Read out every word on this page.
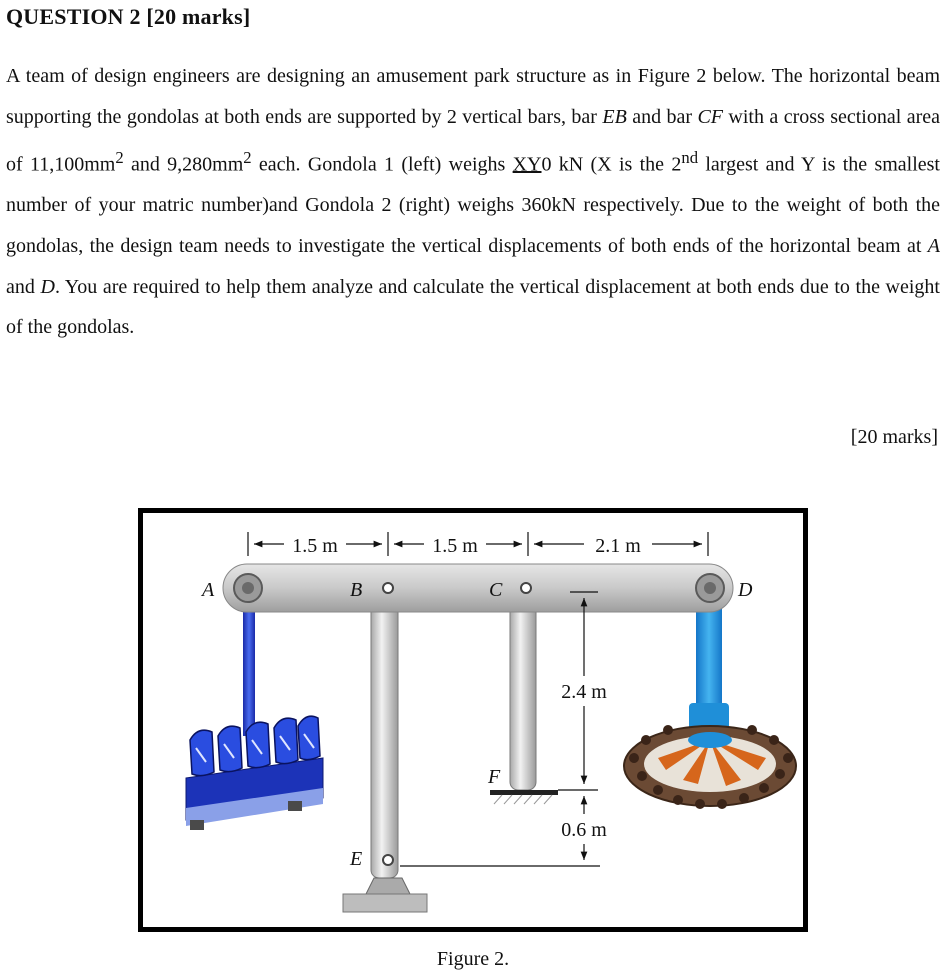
QUESTION 2 [20 marks]

A team of design engineers are designing an amusement park structure as in Figure 2 below. The horizontal beam supporting the gondolas at both ends are supported by 2 vertical bars, bar EB and bar CF with a cross sectional area of $11,100mm^2$ and $9,280mm^2$ each. Gondola 1 (left) weighs XY0 kN (X is the 2nd largest and Y is the smallest number of your matric number)and Gondola 2 (right) weighs 360kN respectively. Due to the weight of both the gondolas, the design team needs to investigate the vertical displacements of both ends of the horizontal beam at A and D. You are required to help them analyze and calculate the vertical displacement at both ends due to the weight of the gondolas.

[20 marks]
1.5 m	1.5 m	2.1 m
2.4 m
0.6 m
A	B	C	D
E
F
Figure 2.
